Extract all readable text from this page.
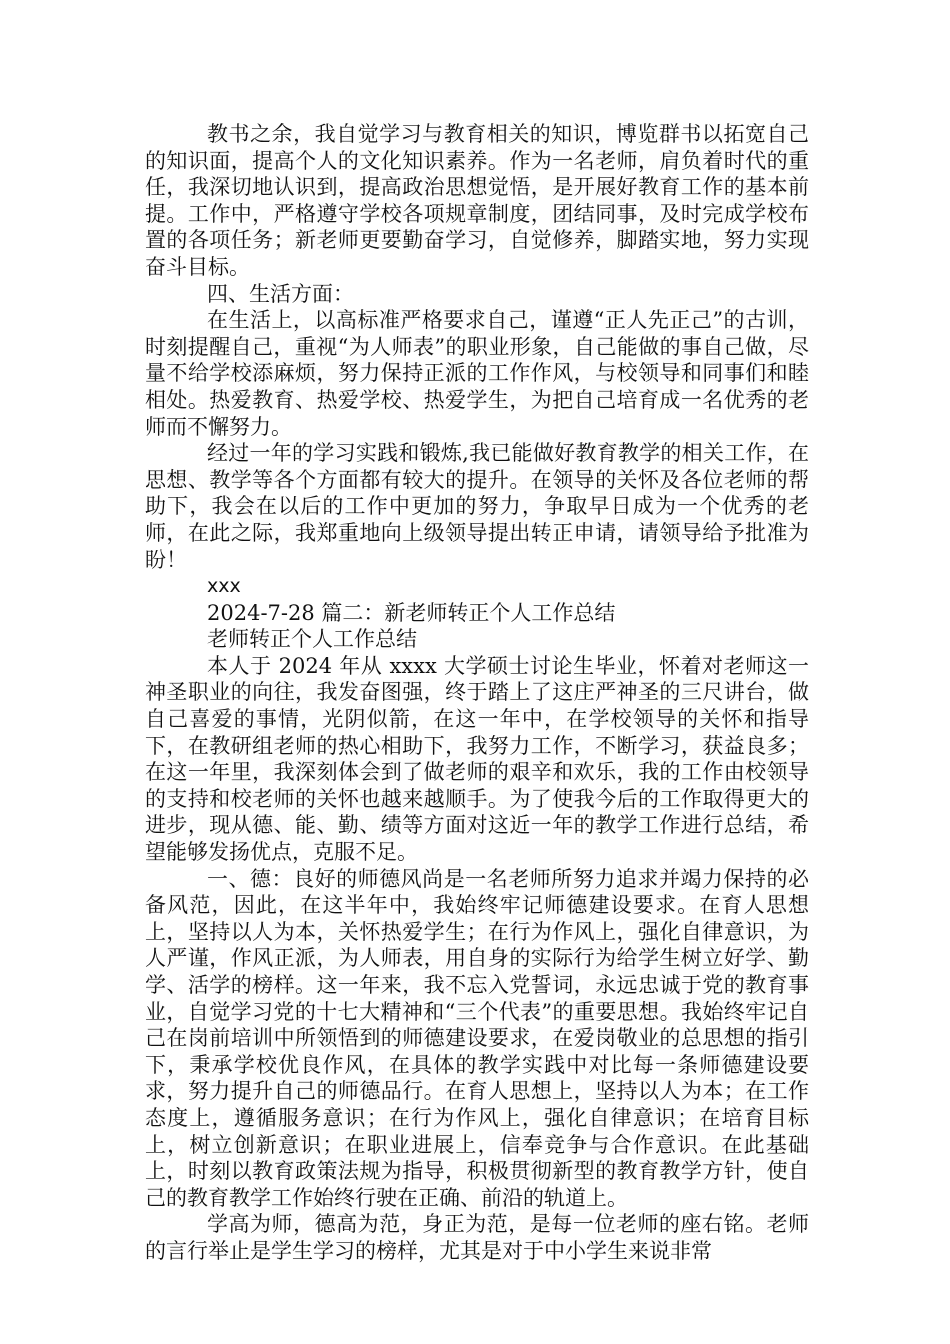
教书之余，我自觉学习与教育相关的知识，博览群书以拓宽自己的知识面，提高个人的文化知识素养。作为一名老师，肩负着时代的重任，我深切地认识到，提高政治思想觉悟，是开展好教育工作的基本前提。工作中，严格遵守学校各项规章制度，团结同事，及时完成学校布置的各项任务；新老师更要勤奋学习，自觉修养，脚踏实地，努力实现奋斗目标。

四、生活方面：

在生活上，以高标准严格要求自己，谨遵“正人先正己”的古训，时刻提醒自己，重视“为人师表”的职业形象，自己能做的事自己做，尽量不给学校添麻烦，努力保持正派的工作作风，与校领导和同事们和睦相处。热爱教育、热爱学校、热爱学生，为把自己培育成一名优秀的老师而不懈努力。

经过一年的学习实践和锻炼,我已能做好教育教学的相关工作，在思想、教学等各个方面都有较大的提升。在领导的关怀及各位老师的帮助下，我会在以后的工作中更加的努力，争取早日成为一个优秀的老师，在此之际，我郑重地向上级领导提出转正申请，请领导给予批准为盼！

xxx

2024-7-28 篇二：新老师转正个人工作总结

老师转正个人工作总结

本人于 2024 年从 xxxx 大学硕士讨论生毕业，怀着对老师这一神圣职业的向往，我发奋图强，终于踏上了这庄严神圣的三尺讲台，做自己喜爱的事情，光阴似箭，在这一年中，在学校领导的关怀和指导下，在教研组老师的热心相助下，我努力工作，不断学习，获益良多；在这一年里，我深刻体会到了做老师的艰辛和欢乐，我的工作由校领导的支持和校老师的关怀也越来越顺手。为了使我今后的工作取得更大的进步，现从德、能、勤、绩等方面对这近一年的教学工作进行总结，希望能够发扬优点，克服不足。

一、德：良好的师德风尚是一名老师所努力追求并竭力保持的必备风范，因此，在这半年中，我始终牢记师德建设要求。在育人思想上，坚持以人为本，关怀热爱学生；在行为作风上，强化自律意识，为人严谨，作风正派，为人师表，用自身的实际行为给学生树立好学、勤学、活学的榜样。这一年来，我不忘入党誓词，永远忠诚于党的教育事业，自觉学习党的十七大精神和“三个代表”的重要思想。我始终牢记自己在岗前培训中所领悟到的师德建设要求，在爱岗敬业的总思想的指引下，秉承学校优良作风，在具体的教学实践中对比每一条师德建设要求，努力提升自己的师德品行。在育人思想上，坚持以人为本；在工作态度上，遵循服务意识；在行为作风上，强化自律意识；在培育目标上，树立创新意识；在职业进展上，信奉竞争与合作意识。在此基础上，时刻以教育政策法规为指导，积极贯彻新型的教育教学方针，使自己的教育教学工作始终行驶在正确、前沿的轨道上。

学高为师，德高为范，身正为范，是每一位老师的座右铭。老师的言行举止是学生学习的榜样，尤其是对于中小学生来说非常
